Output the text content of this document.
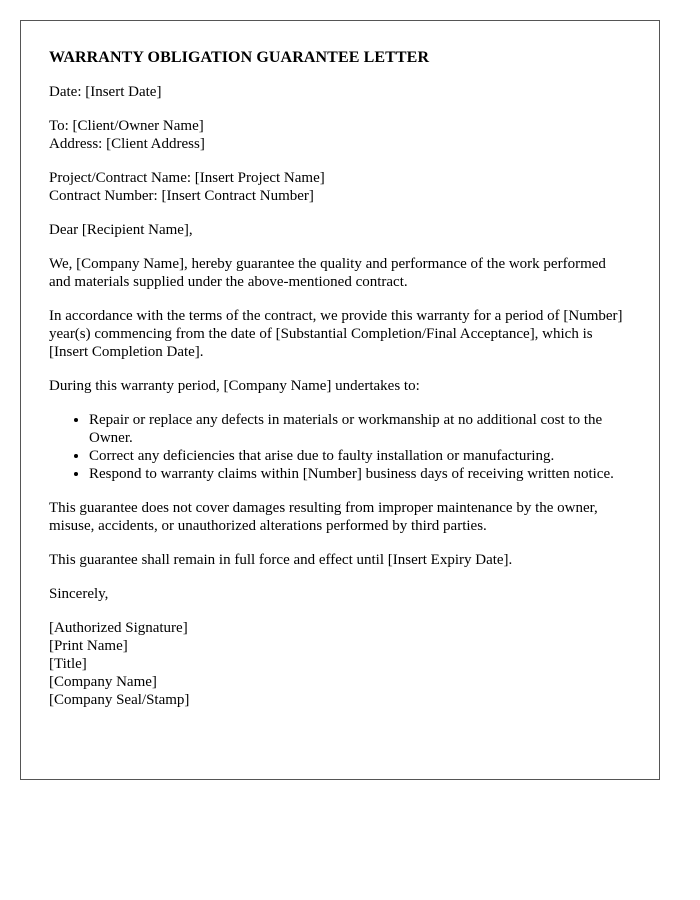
WARRANTY OBLIGATION GUARANTEE LETTER

Date: [Insert Date]

To: [Client/Owner Name]
Address: [Client Address]

Project/Contract Name: [Insert Project Name]
Contract Number: [Insert Contract Number]

Dear [Recipient Name],

We, [Company Name], hereby guarantee the quality and performance of the work performed and materials supplied under the above-mentioned contract.

In accordance with the terms of the contract, we provide this warranty for a period of [Number] year(s) commencing from the date of [Substantial Completion/Final Acceptance], which is [Insert Completion Date].

During this warranty period, [Company Name] undertakes to:

• Repair or replace any defects in materials or workmanship at no additional cost to the Owner.
• Correct any deficiencies that arise due to faulty installation or manufacturing.
• Respond to warranty claims within [Number] business days of receiving written notice.

This guarantee does not cover damages resulting from improper maintenance by the owner, misuse, accidents, or unauthorized alterations performed by third parties.

This guarantee shall remain in full force and effect until [Insert Expiry Date].

Sincerely,

[Authorized Signature]
[Print Name]
[Title]
[Company Name]
[Company Seal/Stamp]
